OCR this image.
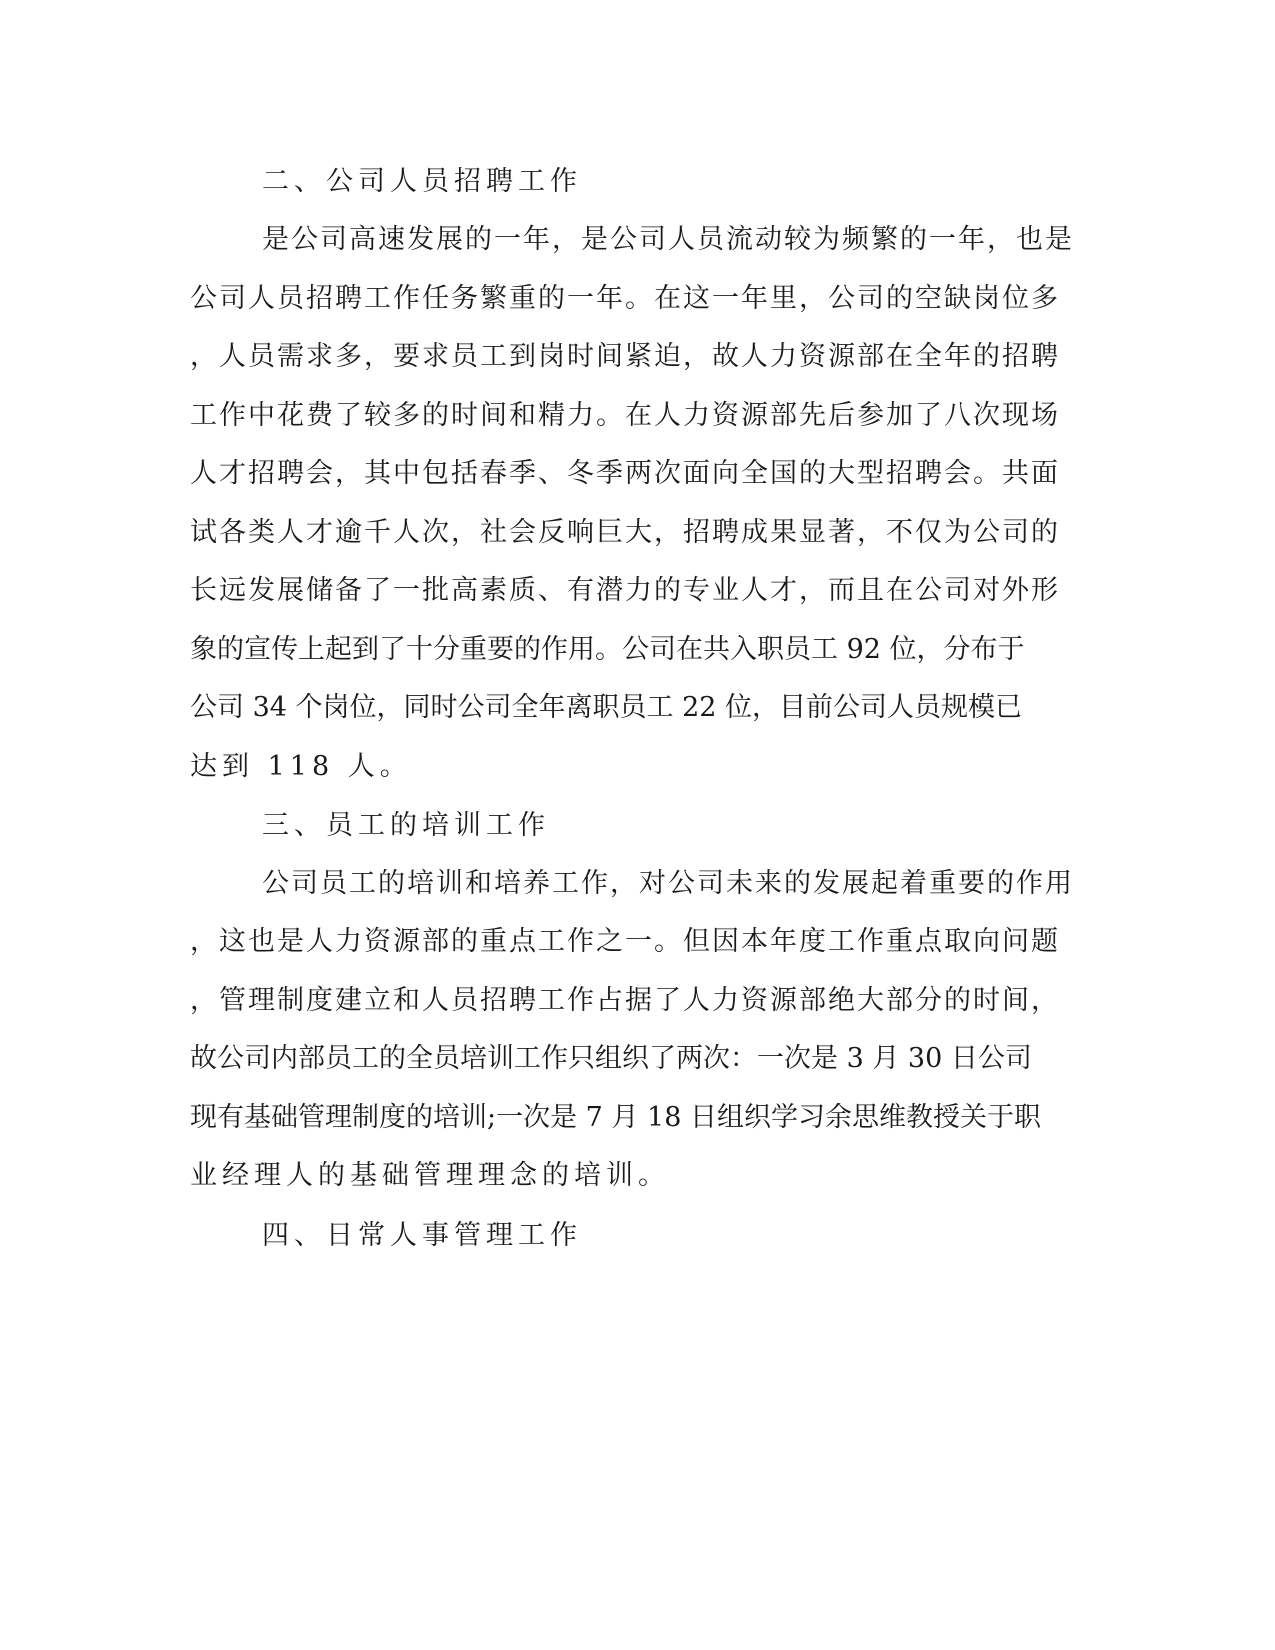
二、公司人员招聘工作

是公司高速发展的一年，是公司人员流动较为频繁的一年，也是

公司人员招聘工作任务繁重的一年。在这一年里，公司的空缺岗位多

，人员需求多，要求员工到岗时间紧迫，故人力资源部在全年的招聘

工作中花费了较多的时间和精力。在人力资源部先后参加了八次现场

人才招聘会，其中包括春季、冬季两次面向全国的大型招聘会。共面

试各类人才逾千人次，社会反响巨大，招聘成果显著，不仅为公司的

长远发展储备了一批高素质、有潜力的专业人才，而且在公司对外形

象的宣传上起到了十分重要的作用。公司在共入职员工 92 位，分布于

公司 34 个岗位，同时公司全年离职员工 22 位，目前公司人员规模已

达到 118 人。

三、员工的培训工作

公司员工的培训和培养工作，对公司未来的发展起着重要的作用

，这也是人力资源部的重点工作之一。但因本年度工作重点取向问题

，管理制度建立和人员招聘工作占据了人力资源部绝大部分的时间，

故公司内部员工的全员培训工作只组织了两次：一次是 3 月 30 日公司

现有基础管理制度的培训;一次是 7 月 18 日组织学习余思维教授关于职

业经理人的基础管理理念的培训。

四、日常人事管理工作
